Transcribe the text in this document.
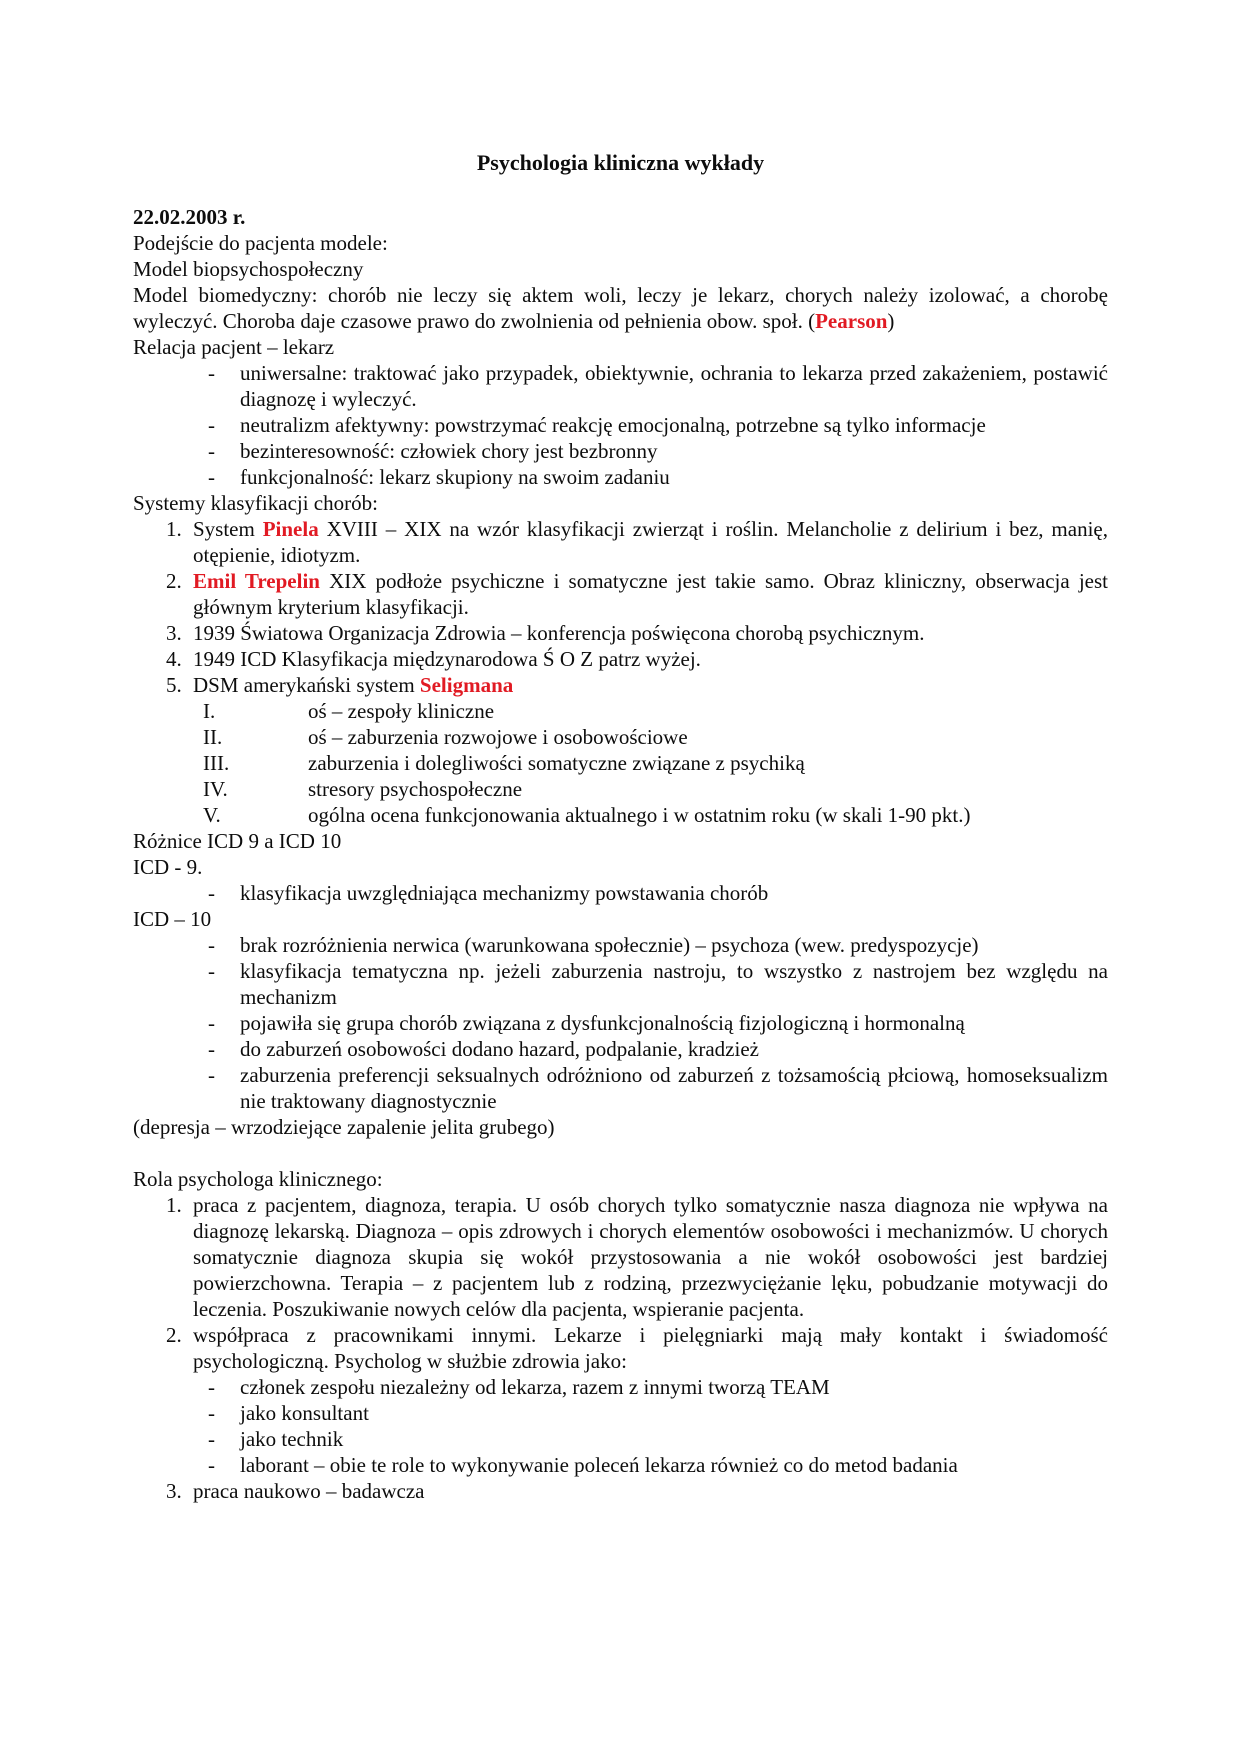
Psychologia kliniczna wykłady

22.02.2003 r.

Podejście do pacjenta modele:

Model biopsychospołeczny

Model biomedyczny: chorób nie leczy się aktem woli, leczy je lekarz, chorych należy izolować, a chorobę wyleczyć. Choroba daje czasowe prawo do zwolnienia od pełnienia obow. społ. (Pearson)

Relacja pacjent – lekarz

-	uniwersalne: traktować jako przypadek, obiektywnie, ochrania to lekarza przed zakażeniem, postawić diagnozę i wyleczyć.
-	neutralizm afektywny: powstrzymać reakcję emocjonalną, potrzebne są tylko informacje
-	bezinteresowność: człowiek chory jest bezbronny
-	funkcjonalność: lekarz skupiony na swoim zadaniu

Systemy klasyfikacji chorób:

1. System Pinela XVIII – XIX na wzór klasyfikacji zwierząt i roślin. Melancholie z delirium i bez, manię, otępienie, idiotyzm.
2. Emil Trepelin XIX podłoże psychiczne i somatyczne jest takie samo. Obraz kliniczny, obserwacja jest głównym kryterium klasyfikacji.
3. 1939 Światowa Organizacja Zdrowia – konferencja poświęcona chorobą psychicznym.
4. 1949 ICD Klasyfikacja międzynarodowa Ś O Z patrz wyżej.
5. DSM amerykański system Seligmana
I.	oś – zespoły kliniczne
II.	oś – zaburzenia rozwojowe i osobowościowe
III.	zaburzenia i dolegliwości somatyczne związane z psychiką
IV.	stresory psychospołeczne
V.	ogólna ocena funkcjonowania aktualnego i w ostatnim roku (w skali 1-90 pkt.)

Różnice ICD 9 a ICD 10

ICD - 9.

-	klasyfikacja uwzględniająca mechanizmy powstawania chorób

ICD – 10

-	brak rozróżnienia nerwica (warunkowana społecznie) – psychoza (wew. predyspozycje)
-	klasyfikacja tematyczna np. jeżeli zaburzenia nastroju, to wszystko z nastrojem bez względu na mechanizm
-	pojawiła się grupa chorób związana z dysfunkcjonalnością fizjologiczną i hormonalną
-	do zaburzeń osobowości dodano hazard, podpalanie, kradzież
-	zaburzenia preferencji seksualnych odróżniono od zaburzeń z tożsamością płciową, homoseksualizm nie traktowany diagnostycznie

(depresja – wrzodziejące zapalenie jelita grubego)

Rola psychologa klinicznego:

1. praca z pacjentem, diagnoza, terapia. U osób chorych tylko somatycznie nasza diagnoza nie wpływa na diagnozę lekarską. Diagnoza – opis zdrowych i chorych elementów osobowości i mechanizmów. U chorych somatycznie diagnoza skupia się wokół przystosowania a nie wokół osobowości jest bardziej powierzchowna. Terapia – z pacjentem lub z rodziną, przezwyciężanie lęku, pobudzanie motywacji do leczenia. Poszukiwanie nowych celów dla pacjenta, wspieranie pacjenta.
2. współpraca z pracownikami innymi. Lekarze i pielęgniarki mają mały kontakt i świadomość psychologiczną. Psycholog w służbie zdrowia jako:
-	członek zespołu niezależny od lekarza, razem z innymi tworzą TEAM
-	jako konsultant
-	jako technik
-	laborant – obie te role to wykonywanie poleceń lekarza również co do metod badania
3. praca naukowo – badawcza
